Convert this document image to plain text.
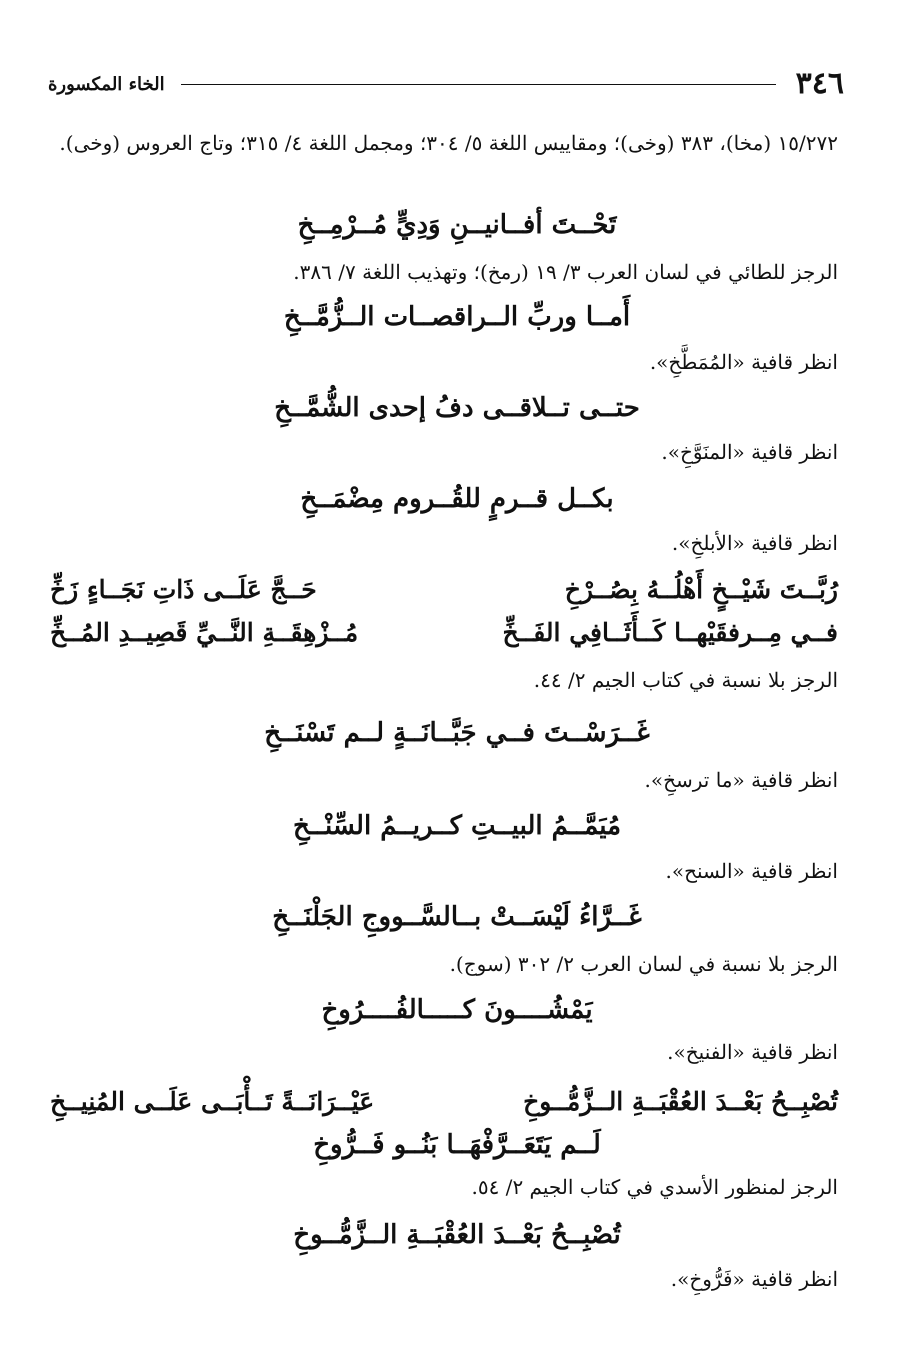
٣٤٦
الخاء المكسورة

١٥/٢٧٢ (مخا)، ٣٨٣ (وخى)؛ ومقاييس اللغة ٥/ ٣٠٤؛ ومجمل اللغة ٤/ ٣١٥؛ وتاج العروس (وخى).

تَحْــتَ أفــانيــنِ وَدِيٍّ مُــرْمِــخِ
الرجز للطائي في لسان العرب ٣/ ١٩ (رمخ)؛ وتهذيب اللغة ٧/ ٣٨٦.
أَمــا وربِّ الــراقصــات الــزُّمَّــخِ
انظر قافية «المُمَطَّخِ».
حتــى تــلاقــى دفُ إحدى الشُّمَّــخِ
انظر قافية «المنَوَّخِ».
بكــل قــرمٍ للقُــروم مِضْمَــخِ
انظر قافية «الأبلخِ».
رُبَّــتَ شَيْــخٍ أَهْلُــهُ بِصُــرْخِ
حَــجَّ عَلَــى ذَاتِ نَجَــاءٍ زَخِّ
فــي مِــرفقَيْهــا كَــأَثَــافِي الفَــخِّ
مُــزْهِقَــةِ النَّــيِّ قَصِيــدِ المُــخِّ
الرجز بلا نسبة في كتاب الجيم ٢/ ٤٤.
غَــرَسْــتَ فــي جَبَّــانَــةٍ لــم تَسْنَــخِ
انظر قافية «ما ترسخِ».
مُيَمَّــمُ البيــتِ كــريــمُ السِّنْــخِ
انظر قافية «السنح».
غَــرَّاءُ لَيْسَــتْ بــالسَّــووجِ الجَلْنَــخِ
الرجز بلا نسبة في لسان العرب ٢/ ٣٠٢ (سوج).
يَمْشُــــونَ كـــــالفُــــرُوخِ
انظر قافية «الفنيخ».
تُصْبِــحُ بَعْــدَ العُقْبَــةِ الــزَّمُّــوخِ
عَيْــرَانَــةً تَــأْبَــى عَلَــى المُنِيــخِ
لَــم يَتَعَــرَّفْهَــا بَنُــو فَــرُّوخِ
الرجز لمنظور الأسدي في كتاب الجيم ٢/ ٥٤.
تُصْبِــحُ بَعْــدَ العُقْبَــةِ الــزَّمُّــوخِ
انظر قافية «فَرُّوخِ».
